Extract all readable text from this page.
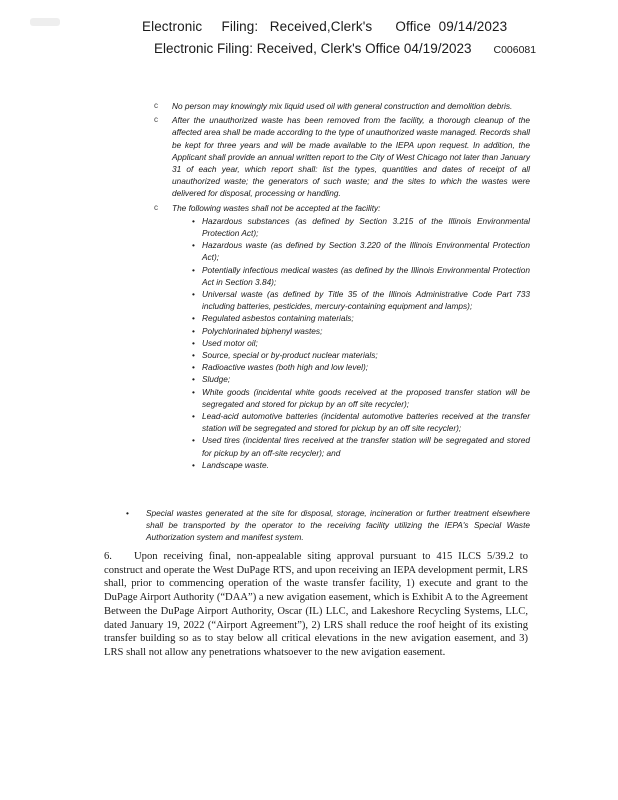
Electronic     Filing:   Received,Clerk's      Office  09/14/2023
Electronic Filing: Received, Clerk's Office 04/19/2023 C006081
c No person may knowingly mix liquid used oil with general construction and demolition debris.
c After the unauthorized waste has been removed from the facility, a thorough cleanup of the affected area shall be made according to the type of unauthorized waste managed. Records shall be kept for three years and will be made available to the IEPA upon request. In addition, the Applicant shall provide an annual written report to the City of West Chicago not later than January 31 of each year, which report shall: list the types, quantities and dates of receipt of all unauthorized waste; the generators of such waste; and the sites to which the wastes were delivered for disposal, processing or handling.
c The following wastes shall not be accepted at the facility:
• Hazardous substances (as defined by Section 3.215 of the Illinois Environmental Protection Act);
• Hazardous waste (as defined by Section 3.220 of the Illinois Environmental Protection Act);
• Potentially infectious medical wastes (as defined by the Illinois Environmental Protection Act in Section 3.84);
• Universal waste (as defined by Title 35 of the Illinois Administrative Code Part 733 including batteries, pesticides, mercury-containing equipment and lamps);
• Regulated asbestos containing materials;
• Polychlorinated biphenyl wastes;
• Used motor oil;
• Source, special or by-product nuclear materials;
• Radioactive wastes (both high and low level);
• Sludge;
• White goods (incidental white goods received at the proposed transfer station will be segregated and stored for pickup by an off site recycler);
• Lead-acid automotive batteries (incidental automotive batteries received at the transfer station will be segregated and stored for pickup by an off site recycler);
• Used tires (incidental tires received at the transfer station will be segregated and stored for pickup by an off-site recycler); and
• Landscape waste.
• Special wastes generated at the site for disposal, storage, incineration or further treatment elsewhere shall be transported by the operator to the receiving facility utilizing the IEPA's Special Waste Authorization system and manifest system.
6. Upon receiving final, non-appealable siting approval pursuant to 415 ILCS 5/39.2 to construct and operate the West DuPage RTS, and upon receiving an IEPA development permit, LRS shall, prior to commencing operation of the waste transfer facility, 1) execute and grant to the DuPage Airport Authority (“DAA”) a new avigation easement, which is Exhibit A to the Agreement Between the DuPage Airport Authority, Oscar (IL) LLC, and Lakeshore Recycling Systems, LLC, dated January 19, 2022 (“Airport Agreement”), 2) LRS shall reduce the roof height of its existing transfer building so as to stay below all critical elevations in the new avigation easement, and 3) LRS shall not allow any penetrations whatsoever to the new avigation easement.
